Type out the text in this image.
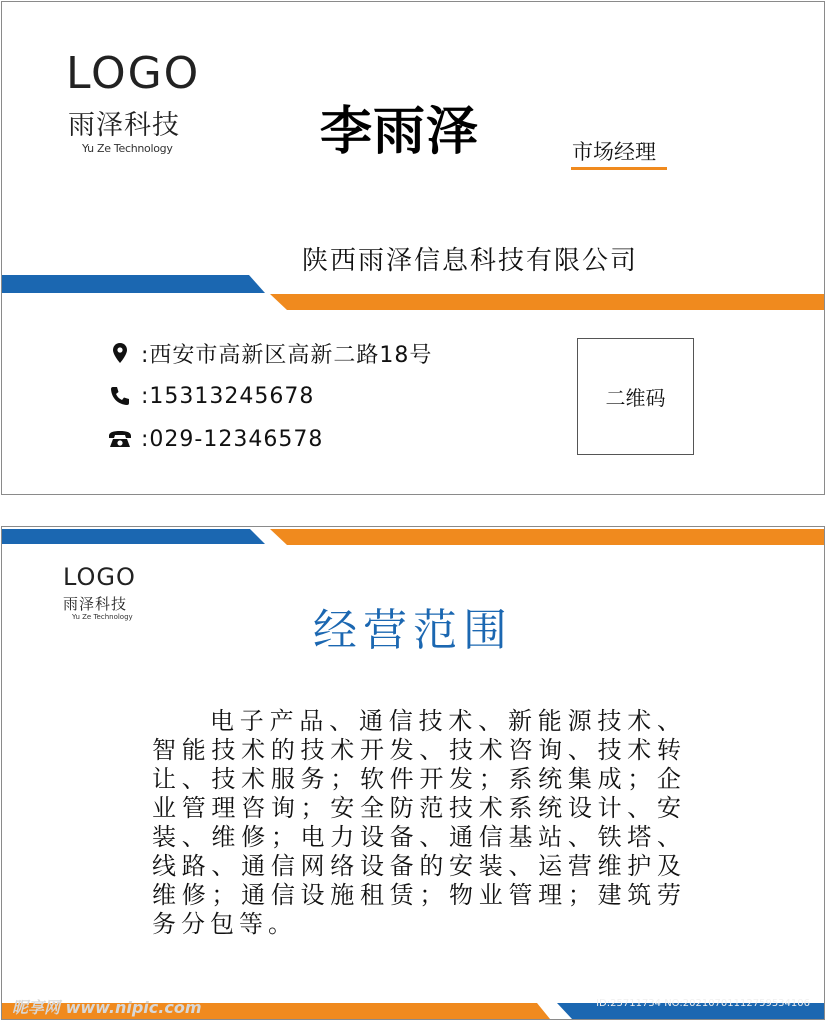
LOGO
雨泽科技
Yu Ze Technology	李雨泽	市场经理
陕西雨泽信息科技有限公司
:西安市高新区高新二路18号
:15313245678
:029-12346578
二维码
LOGO
雨泽科技
Yu Ze Technology	经营范围
电子产品、通信技术、新能源技术、智能技术的技术开发、技术咨询、技术转让、技术服务；软件开发；系统集成；企业管理咨询；安全防范技术系统设计、安装、维修；电力设备、通信基站、铁塔、线路、通信网络设备的安装、运营维护及维修；通信设施租赁；物业管理；建筑劳务分包等。
昵享网 www.nipic.com	ID:25711734 NO:20210701112759534106
